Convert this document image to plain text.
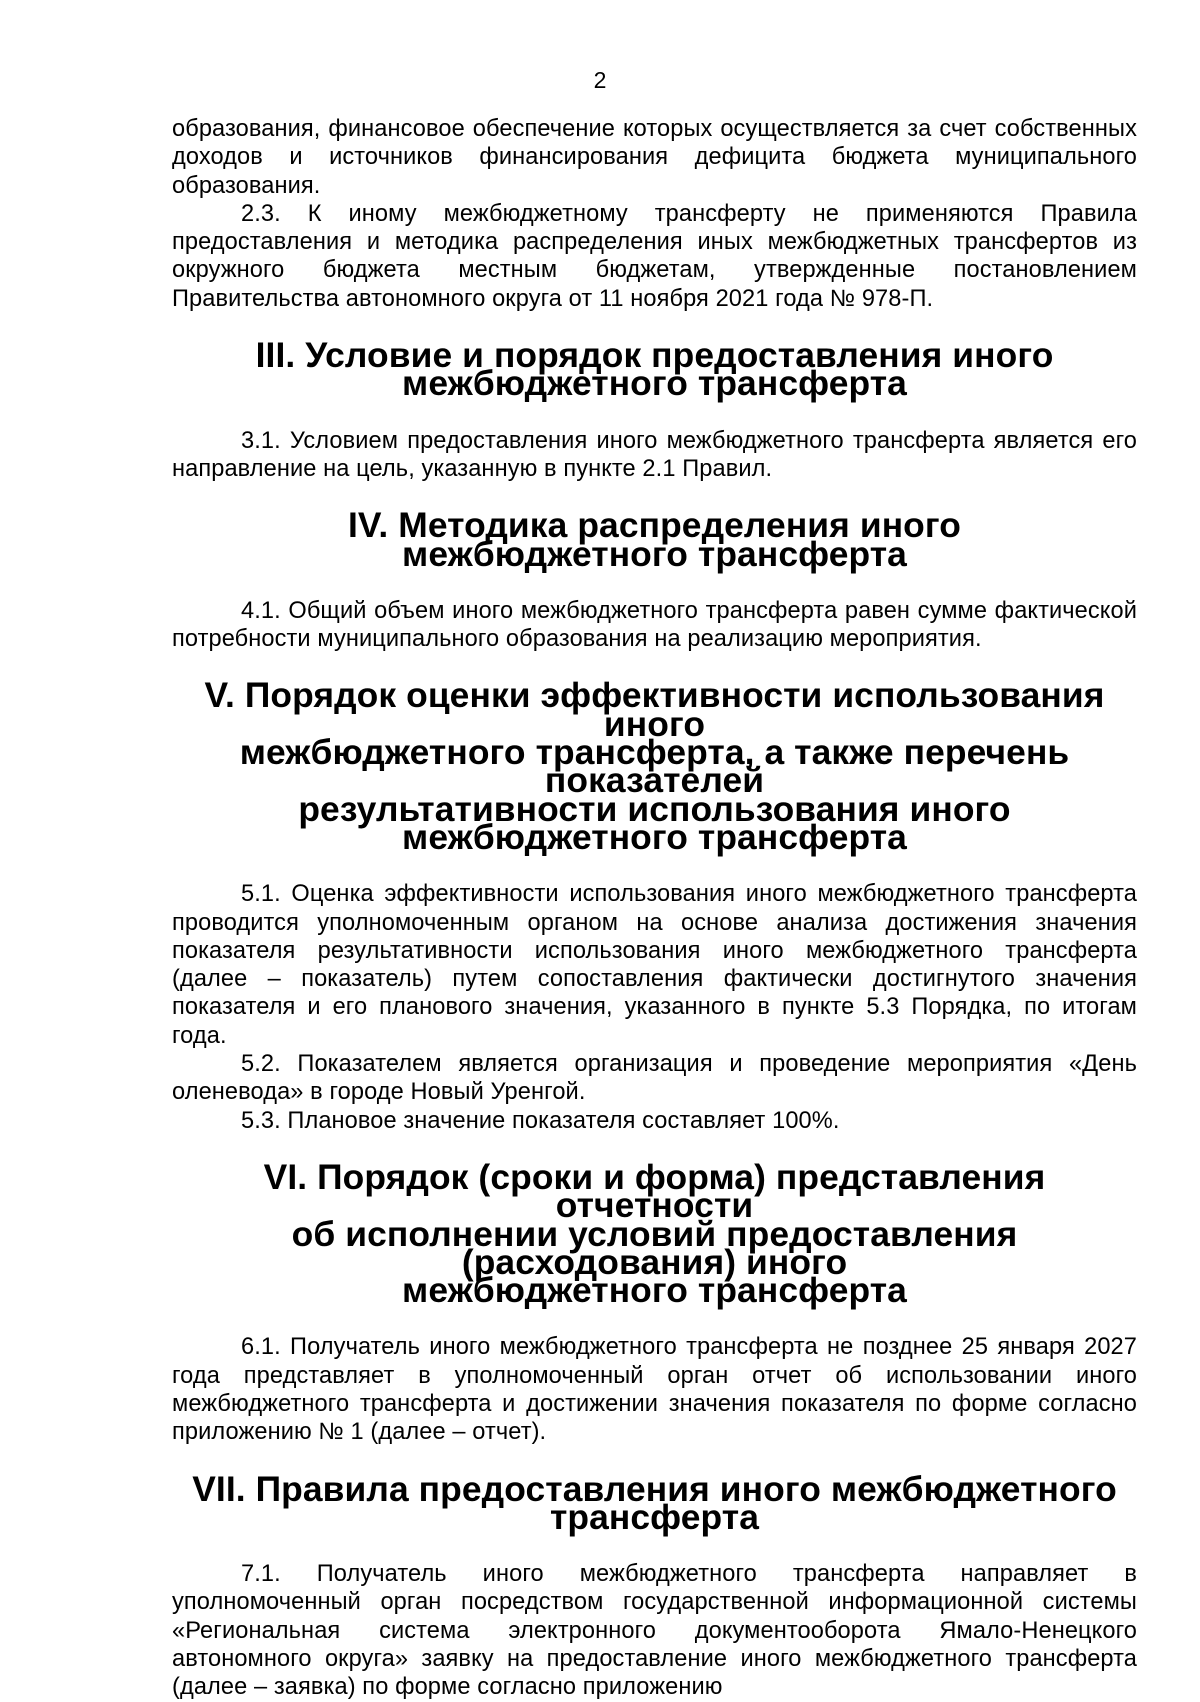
2

образования, финансовое обеспечение которых осуществляется за счет собственных доходов и источников финансирования дефицита бюджета муниципального образования.

2.3. К иному межбюджетному трансферту не применяются Правила предоставления и методика распределения иных межбюджетных трансфертов из окружного бюджета местным бюджетам, утвержденные постановлением Правительства автономного округа от 11 ноября 2021 года № 978-П.

III. Условие и порядок предоставления иного
межбюджетного трансферта

3.1. Условием предоставления иного межбюджетного трансферта является его направление на цель, указанную в пункте 2.1 Правил.

IV. Методика распределения иного
межбюджетного трансферта

4.1. Общий объем иного межбюджетного трансферта равен сумме фактической потребности муниципального образования на реализацию мероприятия.

V. Порядок оценки эффективности использования иного
межбюджетного трансферта, а также перечень показателей
результативности использования иного межбюджетного трансферта

5.1. Оценка эффективности использования иного межбюджетного трансферта проводится уполномоченным органом на основе анализа достижения значения показателя результативности использования иного межбюджетного трансферта (далее – показатель) путем сопоставления фактически достигнутого значения показателя и его планового значения, указанного в пункте 5.3 Порядка, по итогам года.

5.2. Показателем является организация и проведение мероприятия «День оленевода» в городе Новый Уренгой.

5.3. Плановое значение показателя составляет 100%.

VI. Порядок (сроки и форма) представления отчетности
об исполнении условий предоставления (расходования) иного
межбюджетного трансферта

6.1. Получатель иного межбюджетного трансферта не позднее 25 января 2027 года представляет в уполномоченный орган отчет об использовании иного межбюджетного трансферта и достижении значения показателя по форме согласно приложению № 1 (далее – отчет).

VII. Правила предоставления иного межбюджетного трансферта

7.1. Получатель иного межбюджетного трансферта направляет в уполномоченный орган посредством государственной информационной системы «Региональная система электронного документооборота Ямало-Ненецкого автономного округа» заявку на предоставление иного межбюджетного трансферта (далее – заявка) по форме согласно приложению
